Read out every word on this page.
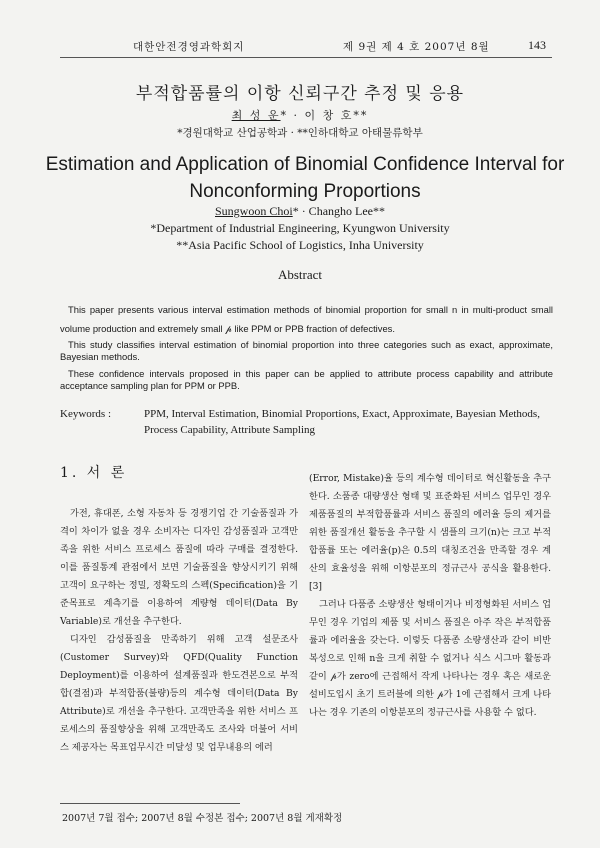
대한안전경영과학회지	제 9권 제 4 호 2007년 8월	143
부적합품률의 이항 신뢰구간 추정 및 응용
최 성 운* · 이 창 호**
*경원대학교 산업공학과 · **인하대학교 아태물류학부
Estimation and Application of Binomial Confidence Interval for
Nonconforming Proportions
Sungwoon Choi* · Changho Lee**
*Department of Industrial Engineering, Kyungwon University
**Asia Pacific School of Logistics, Inha University
Abstract

This paper presents various interval estimation methods of binomial proportion for small n in multi-product small volume production and extremely small 𝓅 like PPM or PPB fraction of defectives.

This study classifies interval estimation of binomial proportion into three categories such as exact, approximate, Bayesian methods.

These confidence intervals proposed in this paper can be applied to attribute process capability and attribute acceptance sampling plan for PPM or PPB.

Keywords :	PPM, Interval Estimation, Binomial Proportions, Exact, Approximate, Bayesian Methods, Process Capability, Attribute Sampling
1. 서 론

가전, 휴대폰, 소형 자동차 등 경쟁기업 간 기술품질과 가격이 차이가 없을 경우 소비자는 디자인 감성품질과 고객만족을 위한 서비스 프로세스 품질에 따라 구매를 결정한다. 이를 품질통계 관점에서 보면 기술품질을 향상시키기 위해 고객이 요구하는 정밀, 정확도의 스펙(Specification)을 기준목표로 계측기를 이용하여 계량형 데이터(Data By Variable)로 개선을 추구한다.

디자인 감성품질을 만족하기 위해 고객 설문조사(Customer Survey)와 QFD(Quality Function Deployment)를 이용하여 설계품질과 한도견본으로 부적합(결점)과 부적합품(불량)등의 계수형 데이터(Data By Attribute)로 개선을 추구한다. 고객만족을 위한 서비스 프로세스의 품질향상을 위해 고객만족도 조사와 더불어 서비스 제공자는 목표업무시간 미달성 및 업무내용의 에러

(Error, Mistake)율 등의 계수형 데이터로 혁신활동을 추구한다. 소품종 대량생산 형태 및 표준화된 서비스 업무인 경우 제품품질의 부적합품률과 서비스 품질의 에러율 등의 제거를 위한 품질개선 활동을 추구할 시 샘플의 크기(n)는 크고 부적합품률 또는 에러율(p)은 0.5의 대칭조건을 만족할 경우 계산의 효율성을 위해 이항분포의 정규근사 공식을 활용한다.[3]

그러나 다품종 소량생산 형태이거나 비정형화된 서비스 업무인 경우 기업의 제품 및 서비스 품질은 아주 작은 부적합품률과 에러율을 갖는다. 이렇듯 다품종 소량생산과 같이 비반복성으로 인해 n을 크게 취할 수 없거나 식스 시그마 활동과 같이 𝓅가 zero에 근접해서 작게 나타나는 경우 혹은 새로운 설비도입시 초기 트러블에 의한 𝓅가 1에 근접해서 크게 나타나는 경우 기존의 이항분포의 정규근사를 사용할 수 없다.

2007년 7월 접수; 2007년 8월 수정본 접수; 2007년 8월 게재확정
